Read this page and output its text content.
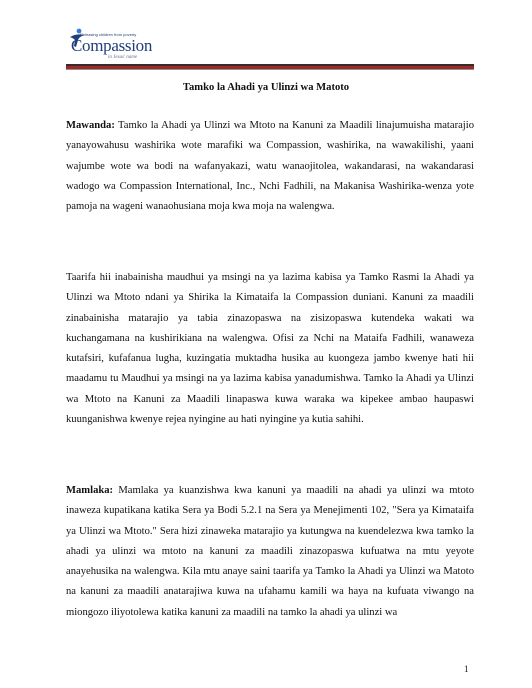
Releasing children from poverty
Compassion
in Jesus' name
Tamko la Ahadi ya Ulinzi wa Matoto

Mawanda: Tamko la Ahadi ya Ulinzi wa Mtoto na Kanuni za Maadili linajumuisha matarajio yanayowahusu washirika wote marafiki wa Compassion, washirika, na wawakilishi, yaani wajumbe wote wa bodi na wafanyakazi, watu wanaojitolea, wakandarasi, na wakandarasi wadogo wa Compassion International, Inc., Nchi Fadhili, na Makanisa Washirika-wenza yote pamoja na wageni wanaohusiana moja kwa moja na walengwa.

Taarifa hii inabainisha maudhui ya msingi na ya lazima kabisa ya Tamko Rasmi la Ahadi ya Ulinzi wa Mtoto ndani ya Shirika la Kimataifa la Compassion duniani. Kanuni za maadili zinabainisha matarajio ya tabia zinazopaswa na zisizopaswa kutendeka wakati wa kuchangamana na kushirikiana na walengwa. Ofisi za Nchi na Mataifa Fadhili, wanaweza kutafsiri, kufafanua lugha, kuzingatia muktadha husika au kuongeza jambo kwenye hati hii maadamu tu Maudhui ya msingi na ya lazima kabisa yanadumishwa. Tamko la Ahadi ya Ulinzi wa Mtoto na Kanuni za Maadili linapaswa kuwa waraka wa kipekee ambao haupaswi kuunganishwa kwenye rejea nyingine au hati nyingine ya kutia sahihi.

Mamlaka: Mamlaka ya kuanzishwa kwa kanuni ya maadili na ahadi ya ulinzi wa mtoto inaweza kupatikana katika Sera ya Bodi 5.2.1 na Sera ya Menejimenti 102, "Sera ya Kimataifa ya Ulinzi wa Mtoto." Sera hizi zinaweka matarajio ya kutungwa na kuendelezwa kwa tamko la ahadi ya ulinzi wa mtoto na kanuni za maadili zinazopaswa kufuatwa na mtu yeyote anayehusika na walengwa. Kila mtu anaye saini taarifa ya Tamko la Ahadi ya Ulinzi wa Matoto na kanuni za maadili anatarajiwa kuwa na ufahamu kamili wa haya na kufuata viwango na miongozo iliyotolewa katika kanuni za maadili na tamko la ahadi ya ulinzi wa

1
